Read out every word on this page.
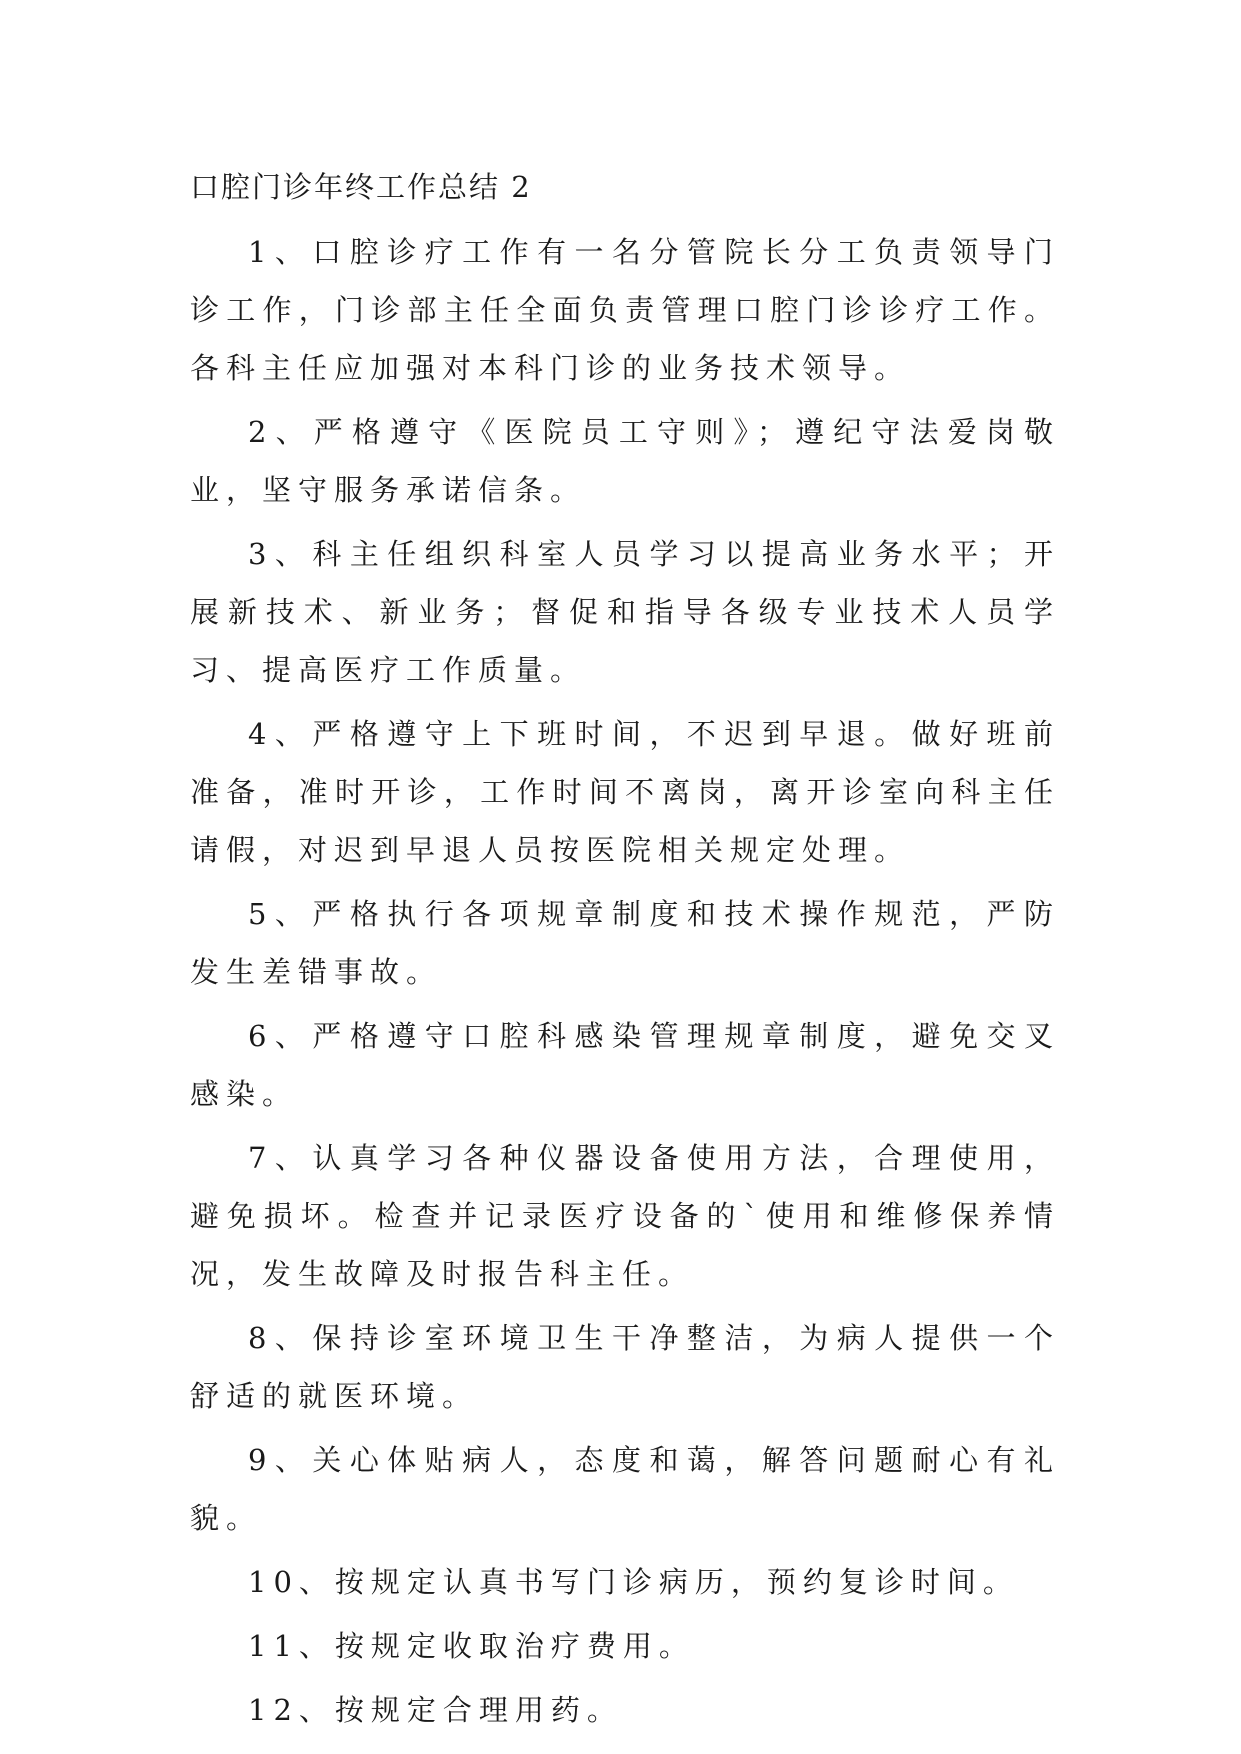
口腔门诊年终工作总结 2

1、口腔诊疗工作有一名分管院长分工负责领导门诊工作，门诊部主任全面负责管理口腔门诊诊疗工作。各科主任应加强对本科门诊的业务技术领导。

2、严格遵守《医院员工守则》；遵纪守法爱岗敬业，坚守服务承诺信条。

3、科主任组织科室人员学习以提高业务水平；开展新技术、新业务；督促和指导各级专业技术人员学习、提高医疗工作质量。

4、严格遵守上下班时间，不迟到早退。做好班前准备，准时开诊，工作时间不离岗，离开诊室向科主任请假，对迟到早退人员按医院相关规定处理。

5、严格执行各项规章制度和技术操作规范，严防发生差错事故。

6、严格遵守口腔科感染管理规章制度，避免交叉感染。

7、认真学习各种仪器设备使用方法，合理使用，避免损坏。检查并记录医疗设备的`使用和维修保养情况，发生故障及时报告科主任。

8、保持诊室环境卫生干净整洁，为病人提供一个舒适的就医环境。

9、关心体贴病人，态度和蔼，解答问题耐心有礼貌。

10、按规定认真书写门诊病历，预约复诊时间。

11、按规定收取治疗费用。

12、按规定合理用药。
